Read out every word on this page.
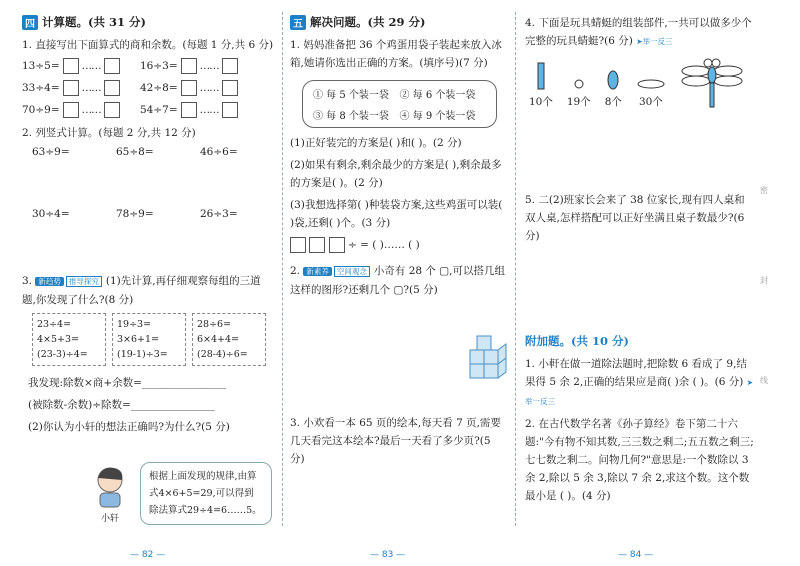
四 计算题。(共 31 分)
1. 直接写出下面算式的商和余数。(每题 1 分,共 6 分)
13÷5= ……	16÷3= ……
33÷4= ……	42÷8= ……
70÷9= ……	54÷7= ……
2. 列竖式计算。(每题 2 分,共 12 分)
63÷9=	65÷8=	46÷6=
30÷4=	78÷9=	26÷3=
3. 新趋势 推导探究 (1)先计算,再仔细观察每组的三道题,你发现了什么?(8 分)
23÷4=
4×5+3=
(23-3)÷4=
19÷3=
3×6+1=
(19-1)÷3=
28÷6=
6×4+4=
(28-4)÷6=
我发现:除数×商+余数=________________
(被除数-余数)÷除数=________________
(2)你认为小轩的想法正确吗?为什么?(5 分)
小轩
根据上面发现的规律,由算式4×6+5=29,可以得到除法算式29÷4=6……5。
五 解决问题。(共 29 分)
1. 妈妈准备把 36 个鸡蛋用袋子装起来放入冰箱,她请你选出正确的方案。(填序号)(7 分)
① 每 5 个装一袋	② 每 6 个装一袋
③ 每 8 个装一袋	④ 每 9 个装一袋
(1)正好装完的方案是( )和( )。(2 分)
(2)如果有剩余,剩余最少的方案是( ),剩余最多的方案是( )。(2 分)
(3)我想选择第( )种装袋方案,这些鸡蛋可以装( )袋,还剩( )个。(3 分)
÷ = ( )…… ( )
2. 新素养 空间观念 小奇有 28 个 ▢,可以搭几组这样的图形?还剩几个 ▢?(5 分)
3. 小欢看一本 65 页的绘本,每天看 7 页,需要几天看完这本绘本?最后一天看了多少页?(5 分)
4. 下面是玩具蜻蜓的组装部件,一共可以做多少个完整的玩具蜻蜓?(6 分) ➤举一反三
10个 19个 8个 30个
5. 二(2)班家长会来了 38 位家长,现有四人桌和双人桌,怎样搭配可以正好坐满且桌子数最少?(6 分)
附加题。(共 10 分)
1. 小軒在做一道除法题时,把除数 6 看成了 9,结果得 5 余 2,正确的结果应是商( )余 ( )。(6 分) ➤举一反三
2. 在古代数学名著《孙子算经》卷下第二十六题:"今有物不知其数,三三数之剩二;五五数之剩三;七七数之剩二。问物几何?"意思是:一个数除以 3 余 2,除以 5 余 3,除以 7 余 2,求这个数。这个数最小是 ( )。(4 分)
密
封
线
— 82 —	— 83 —	— 84 —
